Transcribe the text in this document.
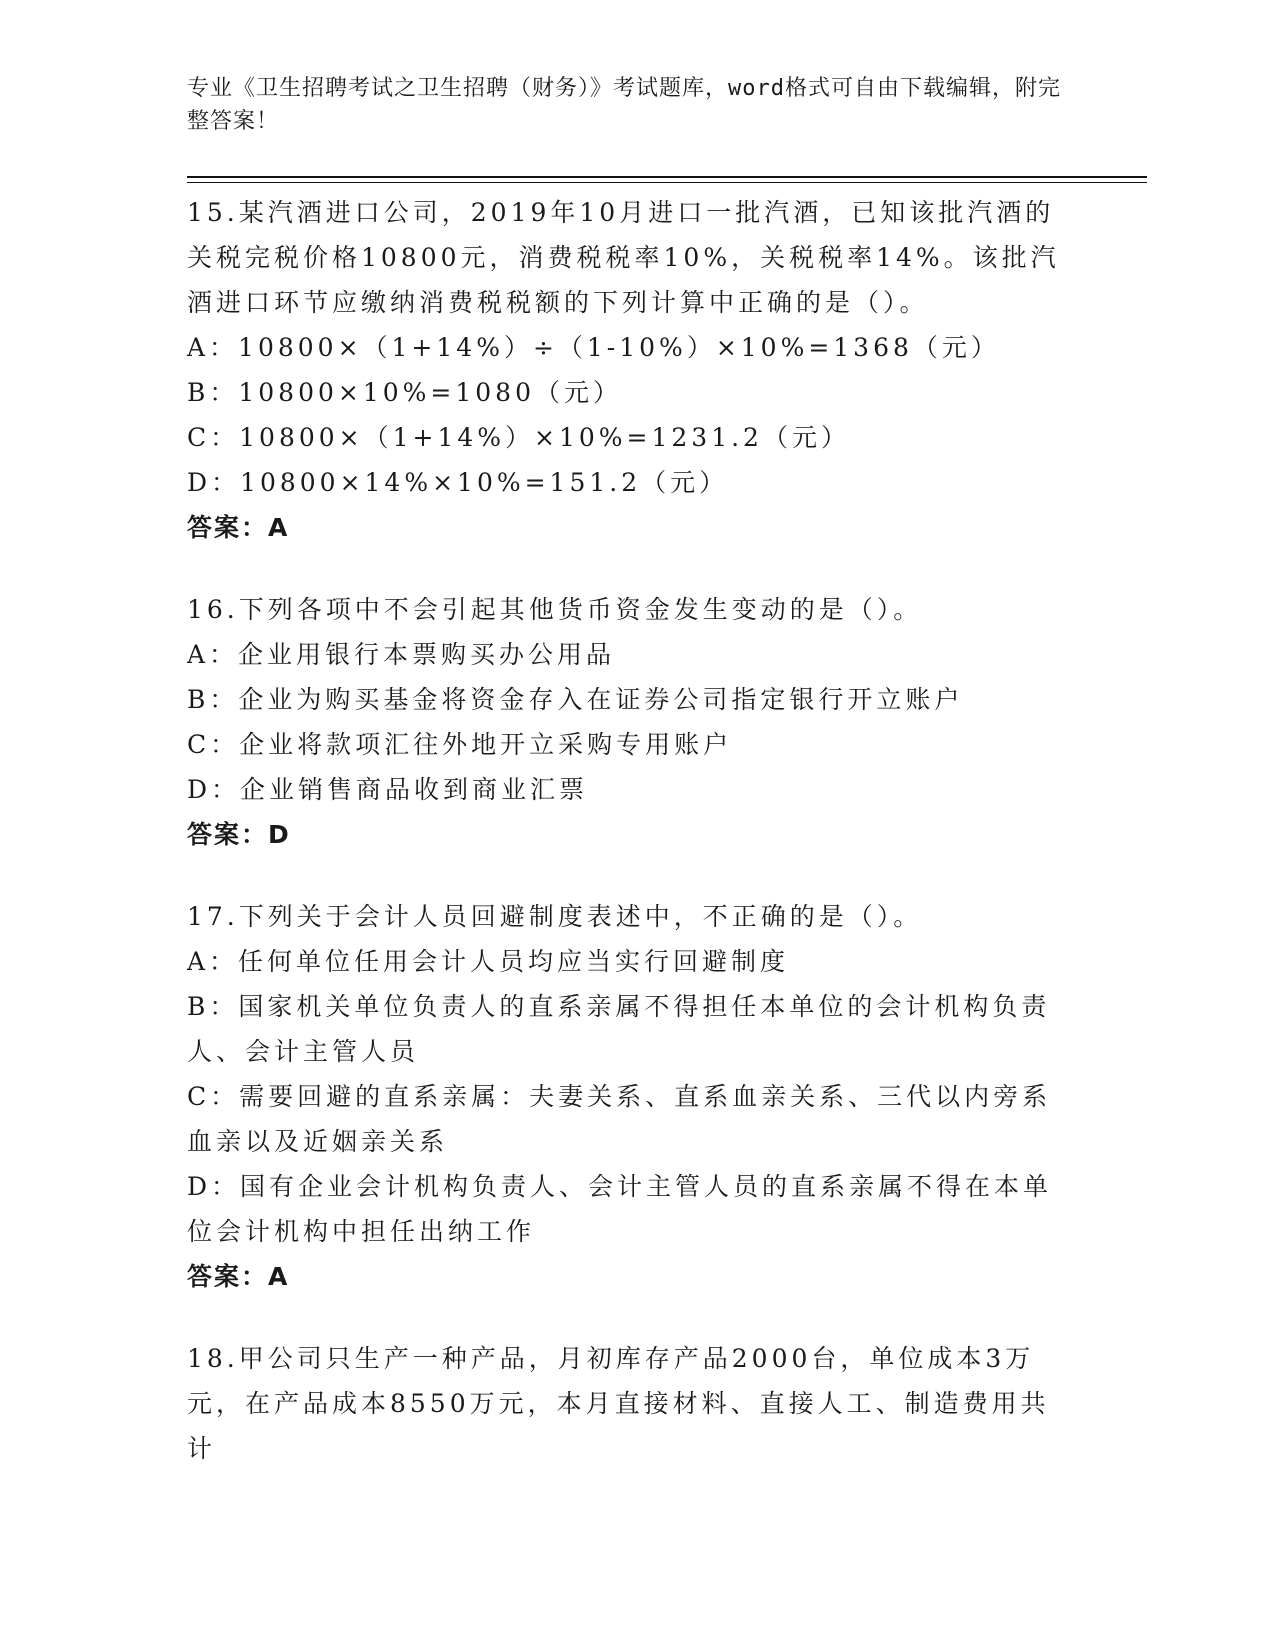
专业《卫生招聘考试之卫生招聘（财务）》考试题库，word格式可自由下载编辑，附完整答案！
15.某汽酒进口公司，2019年10月进口一批汽酒，已知该批汽酒的关税完税价格10800元，消费税税率10%，关税税率14%。该批汽酒进口环节应缴纳消费税税额的下列计算中正确的是（）。
A：10800×（1+14%）÷（1-10%）×10%=1368（元）
B：10800×10%=1080（元）
C：10800×（1+14%）×10%=1231.2（元）
D：10800×14%×10%=151.2（元）
答案：A
16.下列各项中不会引起其他货币资金发生变动的是（）。
A：企业用银行本票购买办公用品
B：企业为购买基金将资金存入在证券公司指定银行开立账户
C：企业将款项汇往外地开立采购专用账户
D：企业销售商品收到商业汇票
答案：D
17.下列关于会计人员回避制度表述中，不正确的是（）。
A：任何单位任用会计人员均应当实行回避制度
B：国家机关单位负责人的直系亲属不得担任本单位的会计机构负责人、会计主管人员
C：需要回避的直系亲属：夫妻关系、直系血亲关系、三代以内旁系血亲以及近姻亲关系
D：国有企业会计机构负责人、会计主管人员的直系亲属不得在本单位会计机构中担任出纳工作
答案：A
18.甲公司只生产一种产品，月初库存产品2000台，单位成本3万元，在产品成本8550万元，本月直接材料、直接人工、制造费用共计
